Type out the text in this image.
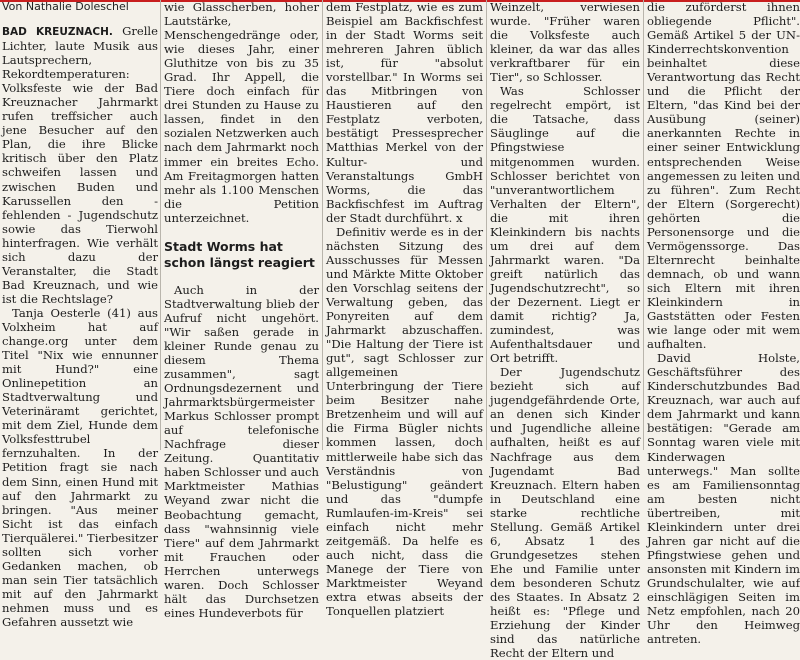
Von Nathalie Doleschel

BAD KREUZNACH. Grelle Lichter, laute Musik aus Lautsprechern, Rekordtemperaturen: Volksfeste wie der Bad Kreuznacher Jahrmarkt rufen treffsicher auch jene Besucher auf den Plan, die ihre Blicke kritisch über den Platz schweifen lassen und zwischen Buden und Karussellen den - fehlenden - Jugendschutz sowie das Tierwohl hinterfragen. Wie verhält sich dazu der Veranstalter, die Stadt Bad Kreuznach, und wie ist die Rechtslage?

Tanja Oesterle (41) aus Volxheim hat auf change.org unter dem Titel "Nix wie ennunner mit Hund?" eine Onlinepetition an Stadtverwaltung und Veterinäramt gerichtet, mit dem Ziel, Hunde dem Volksfesttrubel fernzuhalten. In der Petition fragt sie nach dem Sinn, einen Hund mit auf den Jahrmarkt zu bringen. "Aus meiner Sicht ist das einfach Tierquälerei." Tierbesitzer sollten sich vorher Gedanken machen, ob man sein Tier tatsächlich mit auf den Jahrmarkt nehmen muss und es Gefahren aussetzt wie

wie Glasscherben, hoher Lautstärke, Menschengedränge oder, wie dieses Jahr, einer Gluthitze von bis zu 35 Grad. Ihr Appell, die Tiere doch einfach für drei Stunden zu Hause zu lassen, findet in den sozialen Netzwerken auch nach dem Jahrmarkt noch immer ein breites Echo. Am Freitagmorgen hatten mehr als 1.100 Menschen die Petition unterzeichnet.

Stadt Worms hat schon längst reagiert

Auch in der Stadtverwaltung blieb der Aufruf nicht ungehört. "Wir saßen gerade in kleiner Runde genau zu diesem Thema zusammen", sagt Ordnungsdezernent und Jahrmarktsbürgermeister Markus Schlosser prompt auf telefonische Nachfrage dieser Zeitung. Quantitativ haben Schlosser und auch Marktmeister Mathias Weyand zwar nicht die Beobachtung gemacht, dass "wahnsinnig viele Tiere" auf dem Jahrmarkt mit Frauchen oder Herrchen unterwegs waren. Doch Schlosser hält das Durchsetzen eines Hundeverbots für

dem Festplatz, wie es zum Beispiel am Backfischfest in der Stadt Worms seit mehreren Jahren üblich ist, für "absolut vorstellbar." In Worms sei das Mitbringen von Haustieren auf den Festplatz verboten, bestätigt Pressesprecher Matthias Merkel von der Kultur- und Veranstaltungs GmbH Worms, die das Backfischfest im Auftrag der Stadt durchführt. x

Definitiv werde es in der nächsten Sitzung des Ausschusses für Messen und Märkte Mitte Oktober den Vorschlag seitens der Verwaltung geben, das Ponyreiten auf dem Jahrmarkt abzuschaffen. "Die Haltung der Tiere ist gut", sagt Schlosser zur allgemeinen Unterbringung der Tiere beim Besitzer nahe Bretzenheim und will auf die Firma Bügler nichts kommen lassen, doch mittlerweile habe sich das Verständnis von "Belustigung" geändert und das "dumpfe Rumlaufen-im-Kreis" sei einfach nicht mehr zeitgemäß. Da helfe es auch nicht, dass die Manege der Tiere von Marktmeister Weyand extra etwas abseits der Tonquellen platziert

Weinzelt, verwiesen wurde. "Früher waren die Volksfeste auch kleiner, da war das alles verkraftbarer für ein Tier", so Schlosser.

Was Schlosser regelrecht empört, ist die Tatsache, dass Säuglinge auf die Pfingstwiese mitgenommen wurden. Schlosser berichtet von "unverantwortlichem Verhalten der Eltern", die mit ihren Kleinkindern bis nachts um drei auf dem Jahrmarkt waren. "Da greift natürlich das Jugendschutzrecht", so der Dezernent. Liegt er damit richtig? Ja, zumindest, was Aufenthaltsdauer und Ort betrifft.

Der Jugendschutz bezieht sich auf jugendgefährdende Orte, an denen sich Kinder und Jugendliche alleine aufhalten, heißt es auf Nachfrage aus dem Jugendamt Bad Kreuznach. Eltern haben in Deutschland eine starke rechtliche Stellung. Gemäß Artikel 6, Absatz 1 des Grundgesetzes stehen Ehe und Familie unter dem besonderen Schutz des Staates. In Absatz 2 heißt es: "Pflege und Erziehung der Kinder sind das natürliche Recht der Eltern und

die zuförderst ihnen obliegende Pflicht". Gemäß Artikel 5 der UN-Kinderrechtskonvention beinhaltet diese Verantwortung das Recht und die Pflicht der Eltern, "das Kind bei der Ausübung (seiner) anerkannten Rechte in einer seiner Entwicklung entsprechenden Weise angemessen zu leiten und zu führen". Zum Recht der Eltern (Sorgerecht) gehörten die Personensorge und die Vermögenssorge. Das Elternrecht beinhalte demnach, ob und wann sich Eltern mit ihren Kleinkindern in Gaststätten oder Festen wie lange oder mit wem aufhalten.

David Holste, Geschäftsführer des Kinderschutzbundes Bad Kreuznach, war auch auf dem Jahrmarkt und kann bestätigen: "Gerade am Sonntag waren viele mit Kinderwagen unterwegs." Man sollte es am Familiensonntag am besten nicht übertreiben, mit Kleinkindern unter drei Jahren gar nicht auf die Pfingstwiese gehen und ansonsten mit Kindern im Grundschulalter, wie auf einschlägigen Seiten im Netz empfohlen, nach 20 Uhr den Heimweg antreten.
